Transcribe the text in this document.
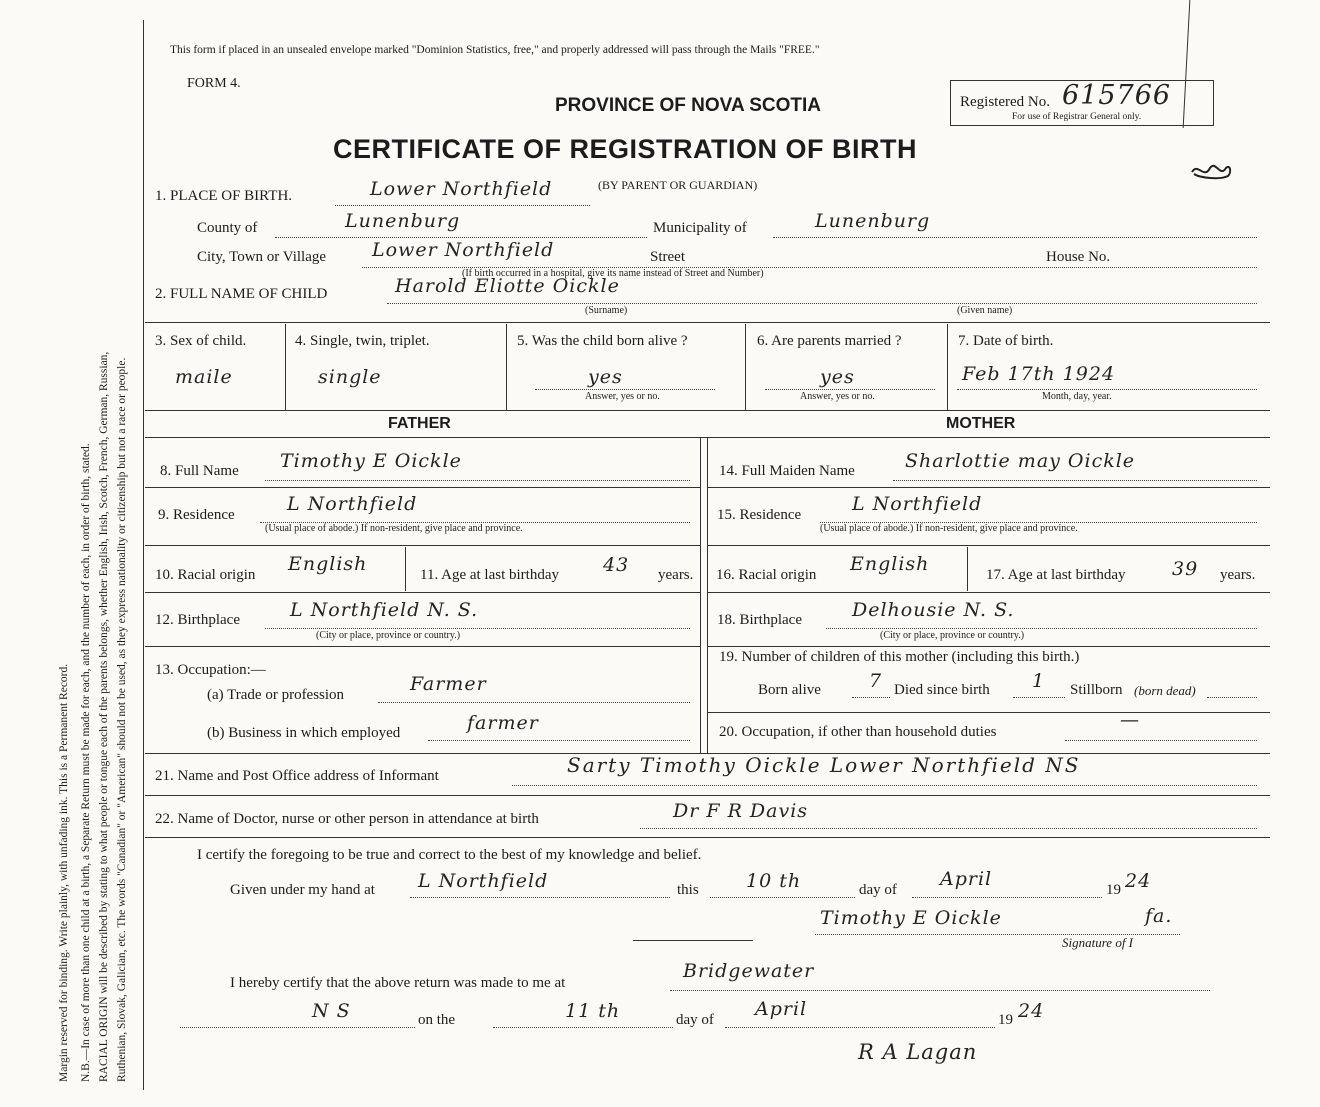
Margin reserved for binding. Write plainly, with unfading ink. This is a Permanent Record. N.B.—In case of more than one child at a birth, a Separate Return must be made for each, and the number of each, in order of birth, stated. RACIAL ORIGIN will be described by stating to what people or tongue each of the parents belongs, whether English, Irish, Scotch, French, German, Russian, Ruthenian, Slovak, Galician, etc. The words "Canadian" or "American" should not be used, as they express nationality or citizenship but not a race or people.
This form if placed in an unsealed envelope marked "Dominion Statistics, free," and properly addressed will pass through the Mails "FREE."
FORM 4.
PROVINCE OF NOVA SCOTIA
CERTIFICATE OF REGISTRATION OF BIRTH
Registered No. 615766
For use of Registrar General only.
1. PLACE OF BIRTH.	Lower Northfield	(BY PARENT OR GUARDIAN)
County of	Lunenburg	Municipality of	Lunenburg
City, Town or Village Lower Northfield	Street	House No.
(If birth occurred in a hospital, give its name instead of Street and Number)
2. FULL NAME OF CHILD	Harold Eliotte Oickle
(Surname)	(Given name)
3. Sex of child.
maile
4. Single, twin, triplet.
single
5. Was the child born alive ?
yes
Answer, yes or no.
6. Are parents married ?
yes
Answer, yes or no.
7. Date of birth.
Feb 17th 1924
Month, day, year.
FATHER	MOTHER
8. Full Name Timothy E Oickle	14. Full Maiden Name	Sharlottie may Oickle
9. Residence	L Northfield
(Usual place of abode.) If non-resident, give place and province.
15. Residence	L Northfield
(Usual place of abode.) If non-resident, give place and province.
10. Racial origin English	11. Age at last birthday 43 years. 16. Racial origin English	17. Age at last birthday 39 years.
12. Birthplace	L Northfield N. S.
(City or place, province or country.)
18. Birthplace	Delhousie N. S.
(City or place, province or country.)
13. Occupation:—
(a) Trade or profession	Farmer
(b) Business in which employed	farmer
19. Number of children of this mother (including this birth.)
Born alive	7 Died since birth 1 Stillborn (born dead)
20. Occupation, if other than household duties
—
21. Name and Post Office address of Informant	Sarty Timothy Oickle Lower Northfield NS
22. Name of Doctor, nurse or other person in attendance at birth	Dr F R Davis
I certify the foregoing to be true and correct to the best of my knowledge and belief.
Given under my hand at L Northfield	this 10 th	day of April	19 24
Timothy E Oickle	fa.
Signature of I
I hereby certify that the above return was made to me at
Bridgewater
N S	on the	11 th	day of April	19 24
R A Lagan
